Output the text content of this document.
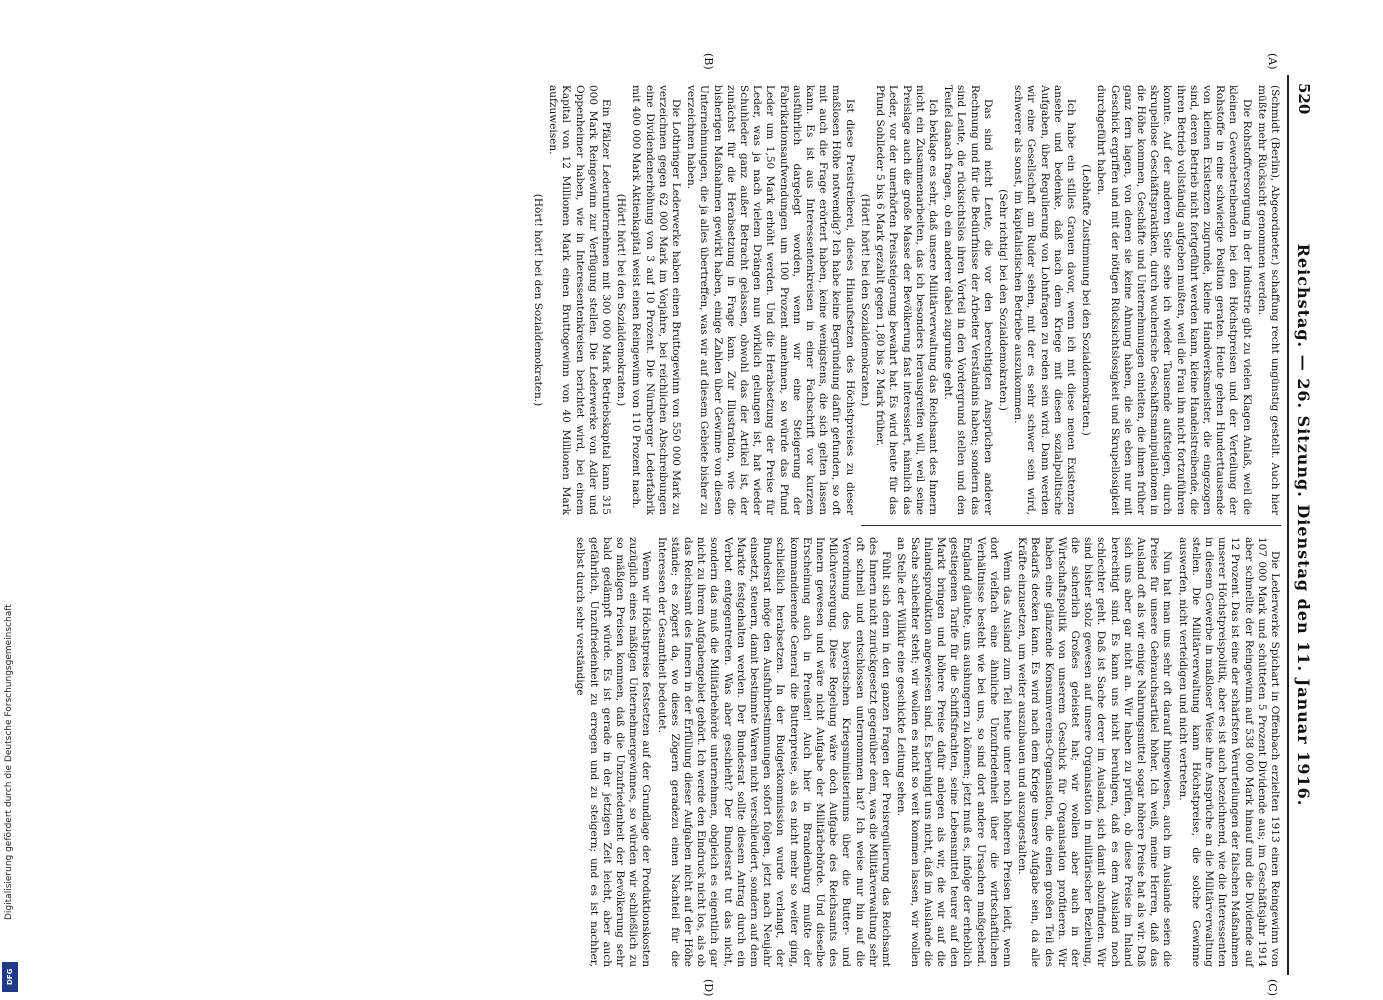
520
Reichstag. — 26. Sitzung. Dienstag den 11. Januar 1916.
(A)
(B)
(C)
(D)

(Schmidt (Berlin), Abgeordneter.) schaffung recht ungünstig gestellt. Auch hier müßte mehr Rücksicht genommen werden.

Die Rohstoffversorgung in der Industrie gibt zu vielen Klagen Anlaß, weil die kleinen Gewerbetreibenden bei den Höchstpreisen und der Verteilung der Rohstoffe in eine schwierige Position geraten. Heute gehen Hunderttausende von kleinen Existenzen zugrunde, kleine Handwerksmeister, die eingezogen sind, deren Betrieb nicht fortgeführt werden kann, kleine Handelstreibende, die ihren Betrieb vollständig aufgeben mußten, weil die Frau ihn nicht fortzuführen konnte. Auf der anderen Seite sehe ich wieder Tausende aufsteigen, durch skrupellose Geschäftspraktiken, durch wucherische Geschäftsmanipulationen in die Höhe kommen, Geschäfte und Unternehmungen einleiten, die ihnen früher ganz fern lagen, von denen sie keine Ahnung haben, die sie eben nur mit Geschick ergriffen und mit der nötigen Rücksichtslosigkeit und Skrupellosigkeit durchgeführt haben.

(Lebhafte Zustimmung bei den Sozialdemokraten.)

Ich habe ein stilles Grauen davor, wenn ich mit diese neuen Existenzen ansehe und bedenke, daß nach dem Kriege mit diesen sozialpolitische Aufgaben, über Regulierung von Lohnfragen zu reden sein wird. Dann werden wir eine Gesellschaft am Ruder sehen, mit der es sehr schwer sein wird, schwerer als sonst, im kapitalistischen Betriebe auszukommen.

(Sehr richtig! bei den Sozialdemokraten.)

Das sind nicht Leute, die vor den berechtigten Ansprüchen anderer Rechnung und für die Bedürfnisse der Arbeiter Verständnis haben; sondern das sind Leute, die rücksichtslos ihren Vorteil in den Vordergrund stellen und den Teufel danach fragen, ob ein anderer dabei zugrunde geht.

Ich beklage es sehr, daß unsere Militärverwaltung das Reichsamt des Innern nicht ein Zusammenarbeiten, das ich besonders herausgreifen will, weil seine Preislage auch die große Masse der Bevölkerung fast interessiert, nämlich das Leder, vor der unerhörten Preissteigerung bewahrt hat. Es wird heute für das Pfund Sohlleder 5 bis 6 Mark gezahlt gegen 1,80 bis 2 Mark früher.

(Hört! hört! bei den Sozialdemokraten.)

Ist diese Preistreiberei, dieses Hinaufsetzen des Höchstpreises zu dieser maßlosen Höhe notwendig? Ich habe keine Begründung dafür gefunden, so oft mit auch die Frage erörtert haben, keine wenigstens, die sich gelten lassen kann. Es ist aus Interessentenkreisen in einer Fachschrift vor kurzem ausführlich dargelegt worden, wenn wir eine Steigerung der Fabrikationsaufwendungen um 100 Prozent annehmen, so würde das Pfund Leder um 1,50 Mark erhöht werden. Und die Herabsetzung der Preise für Leder, was ja nach vielem Drängen nun wirklich gelungen ist, hat wieder Schuhleder ganz außer Betracht gelassen, obwohl das der Artikel ist, der zunächst für die Herabsetzung in Frage kam. Zur Illustration, wie die bisherigen Maßnahmen gewirkt haben, einige Zahlen über Gewinne von diesen Unternehmungen, die ja alles übertreffen, was wir auf diesem Gebiete bisher zu verzeichnen haben.

Die Lothringer Lederwerke haben einen Bruttogewinn von 550 000 Mark zu verzeichnen gegen 62 000 Mark im Vorjahre, bei reichlichen Abschreibungen eine Dividendenerhöhung von 3 auf 10 Prozent. Die Nürnberger Lederfabrik mit 400 000 Mark Aktienkapital weist einen Reingewinn von 110 Prozent nach.

(Hört! hört! bei den Sozialdemokraten.)

Ein Pfälzer Lederunternehmen mit 300 000 Mark Betriebskapital kann 315 000 Mark Reingewinn zur Verfügung stellen. Die Lederwerke von Adler und Oppenheimer haben, wie in Interessentenkreisen berichtet wird, bei einem Kapital von 12 Millionen Mark einen Bruttogewinn von 40 Millionen Mark aufzuweisen.

(Hört! hört! bei den Sozialdemokraten.)

Die Lederwerke Spichart in Offenbach erzielten 1913 einen Reingewinn von 107 000 Mark und schütteten 5 Prozent Dividende aus; im Geschäftsjahr 1914 aber schnellte der Reingewinn auf 538 000 Mark hinauf und die Dividende auf 12 Prozent. Das ist eine der schärfsten Verurteilungen der falschen Maßnahmen unserer Höchstpreispolitik, aber es ist auch bezeichnend, wie die Interessenten in diesem Gewerbe in maßloser Weise ihre Ansprüche an die Militärverwaltung stellen. Die Militärverwaltung kann Höchstpreise, die solche Gewinne auswerfen, nicht verteidigen und nicht vertreten.

Nun hat man uns sehr oft darauf hingewiesen, auch im Auslande seien die Preise für unsere Gebrauchsartikel höher. Ich weiß, meine Herren, daß das Ausland oft als wir einige Nahrungsmittel sogar höhere Preise hat als wir. Daß sich uns aber gar nicht an. Wir haben zu prüfen, ob diese Preise im Inland berechtigt sind. Es kann uns nicht beruhigen, daß es dem Ausland noch schlechter geht. Daß ist Sache derer im Ausland, sich damit abzufinden. Wir sind bisher stolz gewesen auf unsere Organisation in militärischer Beziehung, die sicherlich Großes geleistet hat; wir wollen aber auch in der Wirtschaftspolitik von unserem Geschick für Organisation profitieren. Wir haben eine glänzende Konsumvereins-Organisation, die einen großen Teil des Bedarfs decken kann. Es wird nach dem Kriege unsere Aufgabe sein, da alle Kräfte einzusetzen, um weiter auszubauen und auszugestalten.

Wenn das Ausland zum Teil heute unter noch höheren Preisen leidt, wenn dort vielfach eine ähnliche Unzufriedenheit über die wirtschaftlichen Verhältnisse besteht wie bei uns, so sind dort andere Ursachen maßgebend. England glaubte, uns aushungern zu können; jetzt muß es, infolge der erheblich gestiegenen Tarife für die Schiffsfrachten, seine Lebensmittel teurer auf den Markt bringen und höhere Preise dafür anlegen als wir, die wir auf die Inlandsproduktion angewiesen sind. Es beruhigt uns nicht, daß im Auslande die Sache schlechter steht; wir wollen es nicht so weit kommen lassen, wir wollen an Stelle der Willkür eine geschickte Leitung sehen.

Fühlt sich denn in den ganzen Fragen der Preisregulierung das Reichsamt des Innern nicht zurückgesetzt gegenüber dem, was die Militärverwaltung sehr oft schnell und entschlossen unternommen hat? Ich weise nur hin auf die Verordnung des bayerischen Kriegsministeriums über die Butter- und Milchversorgung. Diese Regelung wäre doch Aufgabe des Reichsamts des Innern gewesen und wäre nicht Aufgabe der Militärbehörde. Und dieselbe Erscheinung auch in Preußen! Auch hier in Brandenburg mußte der kommandierende General die Butterpreise, als es nicht mehr so weiter ging, schließlich herabsetzen. In der Budgetkommission wurde verlangt, der Bundesrat möge den Ausfuhrbestimmungen sofort folgen, jetzt nach Neujahr einsetzt, steuern, damit bestimmte Waren nicht verschleudert, sondern auf dem Markte festgehalten werden. Der Bundesrat sollte diesem Antrag durch ein Verbot entgegentreten. Was aber geschieht? Der Bundesrat tut das nicht, sondern das muß die Militärbehörde unternehmen, obgleich es eigentlich gar nicht zu ihrem Aufgabengebiet gehört. Ich werde den Eindruck nicht los, als ob das Reichsamt des Innern in der Erfüllung dieser Aufgaben nicht auf der Höhe stände; es zögert da, wo dieses Zögern geradezu einen Nachteil für die Interessen der Gesamtheit bedeutet.

Wenn wir Höchstpreise festsetzen auf der Grundlage der Produktionskosten zuzüglich eines mäßigen Unternehmergewinnes, so würden wir schließlich zu so mäßigen Preisen kommen, daß die Unzufriedenheit der Bevölkerung sehr bald gedämpft würde. Es ist gerade in der jetzigen Zeit leicht, aber auch gefährlich, Unzufriedenheit zu erregen und zu steigern; und es ist nachher, selbst durch sehr verständige

Digitalisierung gefördert durch die Deutsche Forschungsgemeinschaft
DFG
